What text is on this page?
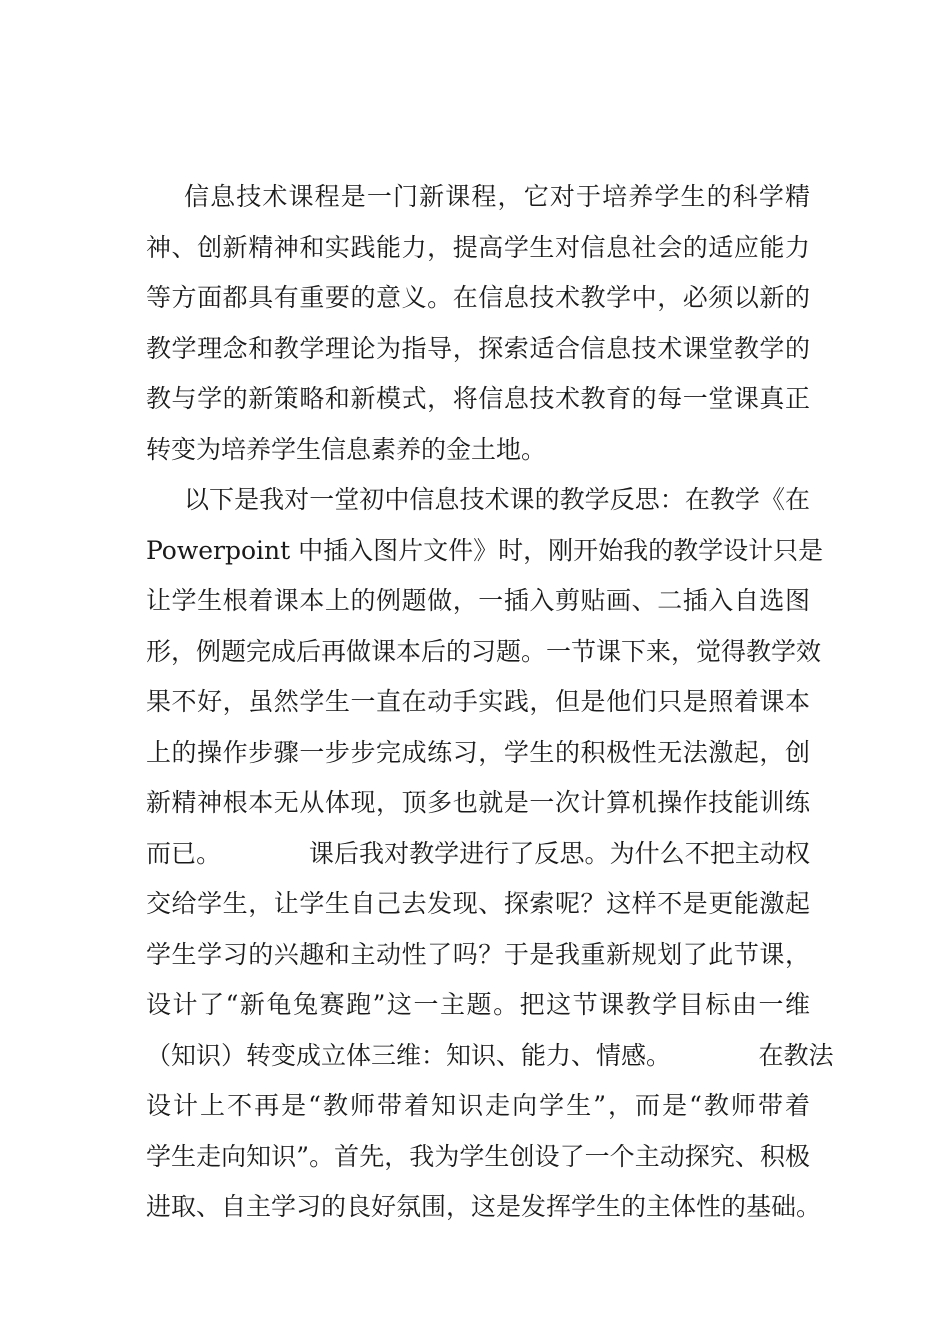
信息技术课程是一门新课程，它对于培养学生的科学精
神、创新精神和实践能力，提高学生对信息社会的适应能力
等方面都具有重要的意义。在信息技术教学中，必须以新的
教学理念和教学理论为指导，探索适合信息技术课堂教学的
教与学的新策略和新模式，将信息技术教育的每一堂课真正
转变为培养学生信息素养的金土地。
以下是我对一堂初中信息技术课的教学反思：在教学《在
Powerpoint 中插入图片文件》时，刚开始我的教学设计只是
让学生根着课本上的例题做，一插入剪贴画、二插入自选图
形，例题完成后再做课本后的习题。一节课下来，觉得教学效
果不好，虽然学生一直在动手实践，但是他们只是照着课本
上的操作步骤一步步完成练习，学生的积极性无法激起，创
新精神根本无从体现，顶多也就是一次计算机操作技能训练
而已。　　　　课后我对教学进行了反思。为什么不把主动权
交给学生，让学生自己去发现、探索呢？这样不是更能激起
学生学习的兴趣和主动性了吗？于是我重新规划了此节课，
设计了“新龟兔赛跑”这一主题。把这节课教学目标由一维
（知识）转变成立体三维：知识、能力、情感。　　　　在教法
设计上不再是“教师带着知识走向学生”，而是“教师带着
学生走向知识”。首先，我为学生创设了一个主动探究、积极
进取、自主学习的良好氛围，这是发挥学生的主体性的基础。
